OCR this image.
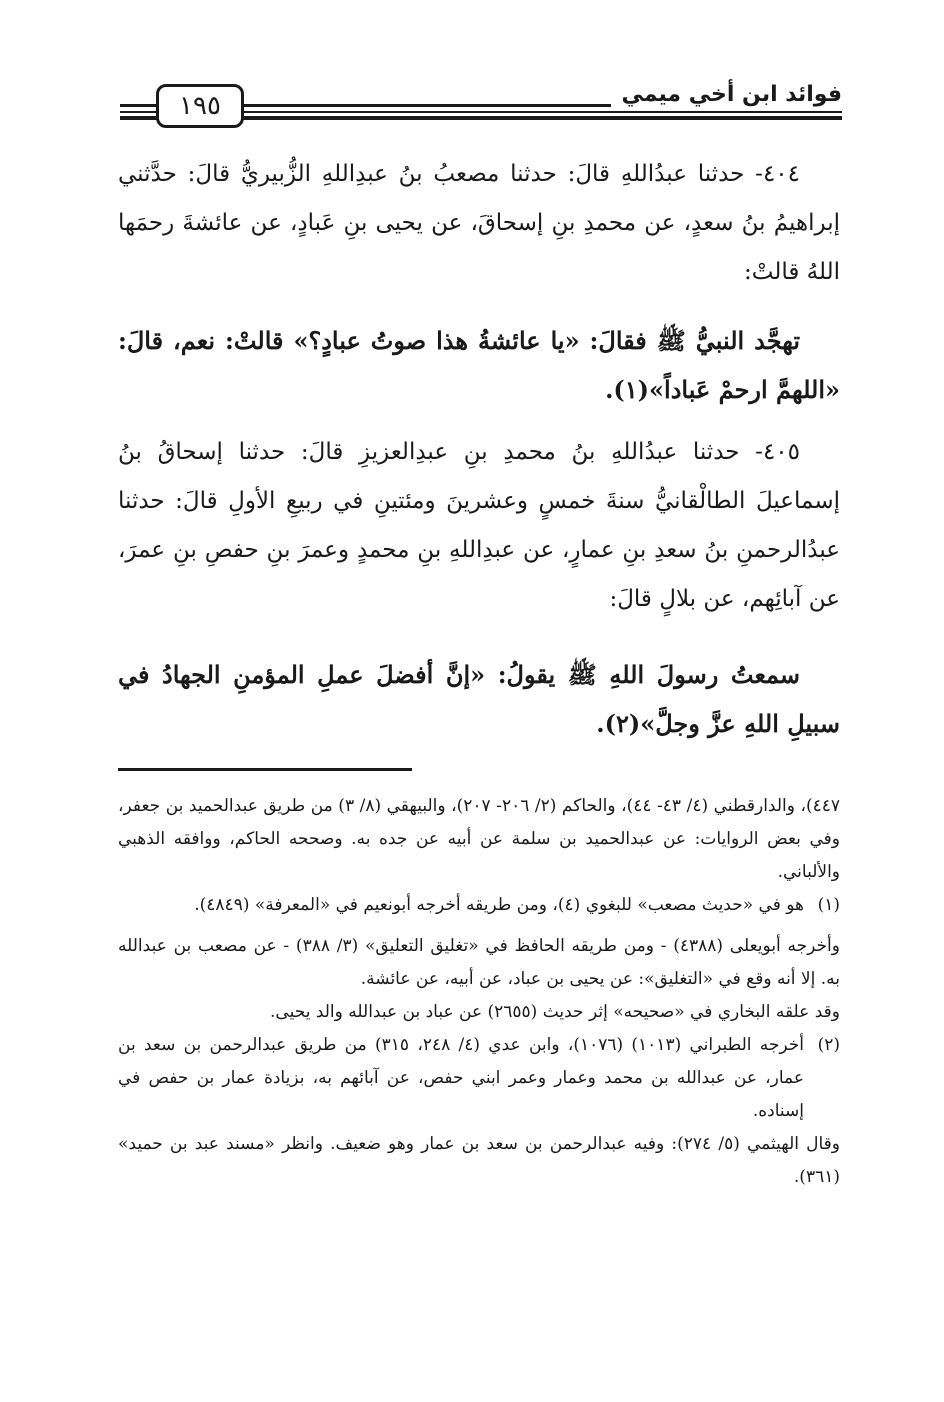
فوائد ابن أخي ميمي
١٩٥

٤٠٤- حدثنا عبدُاللهِ قالَ: حدثنا مصعبُ بنُ عبدِاللهِ الزُّبيريُّ قالَ: حدَّثني إبراهيمُ بنُ سعدٍ، عن محمدِ بنِ إسحاقَ، عن يحيى بنِ عَبادٍ، عن عائشةَ رحمَها اللهُ قالتْ:

تهجَّد النبيُّ ﷺ فقالَ: «يا عائشةُ هذا صوتُ عبادٍ؟» قالتْ: نعم، قالَ: «اللهمَّ ارحمْ عَباداً»(١).

٤٠٥- حدثنا عبدُاللهِ بنُ محمدِ بنِ عبدِالعزيزِ قالَ: حدثنا إسحاقُ بنُ إسماعيلَ الطالْقانيُّ سنةَ خمسٍ وعشرينَ ومئتينِ في ربيعِ الأولِ قالَ: حدثنا عبدُالرحمنِ بنُ سعدِ بنِ عمارٍ، عن عبدِاللهِ بنِ محمدٍ وعمرَ بنِ حفصِ بنِ عمرَ، عن آبائِهم، عن بلالٍ قالَ:

سمعتُ رسولَ اللهِ ﷺ يقولُ: «إنَّ أفضلَ عملِ المؤمنِ الجهادُ في سبيلِ اللهِ عزَّ وجلَّ»(٢).

٤٤٧)، والدارقطني (٤/ ٤٣- ٤٤)، والحاكم (٢/ ٢٠٦- ٢٠٧)، والبيهقي (٨/ ٣) من طريق عبدالحميد بن جعفر، وفي بعض الروايات: عن عبدالحميد بن سلمة عن أبيه عن جده به. وصححه الحاكم، ووافقه الذهبي والألباني.

(١)

هو في «حديث مصعب» للبغوي (٤)، ومن طريقه أخرجه أبونعيم في «المعرفة» (٤٨٤٩).

وأخرجه أبويعلى (٤٣٨٨) - ومن طريقه الحافظ في «تغليق التعليق» (٣/ ٣٨٨) - عن مصعب بن عبدالله به. إلا أنه وقع في «التغليق»: عن يحيى بن عباد، عن أبيه، عن عائشة.

وقد علقه البخاري في «صحيحه» إثر حديث (٢٦٥٥) عن عباد بن عبدالله والد يحيى.

(٢)

أخرجه الطبراني (١٠١٣) (١٠٧٦)، وابن عدي (٤/ ٢٤٨، ٣١٥) من طريق عبدالرحمن بن سعد بن عمار، عن عبدالله بن محمد وعمار وعمر ابني حفص، عن آبائهم به، بزيادة عمار بن حفص في إسناده.

وقال الهيثمي (٥/ ٢٧٤): وفيه عبدالرحمن بن سعد بن عمار وهو ضعيف. وانظر «مسند عبد بن حميد» (٣٦١).
